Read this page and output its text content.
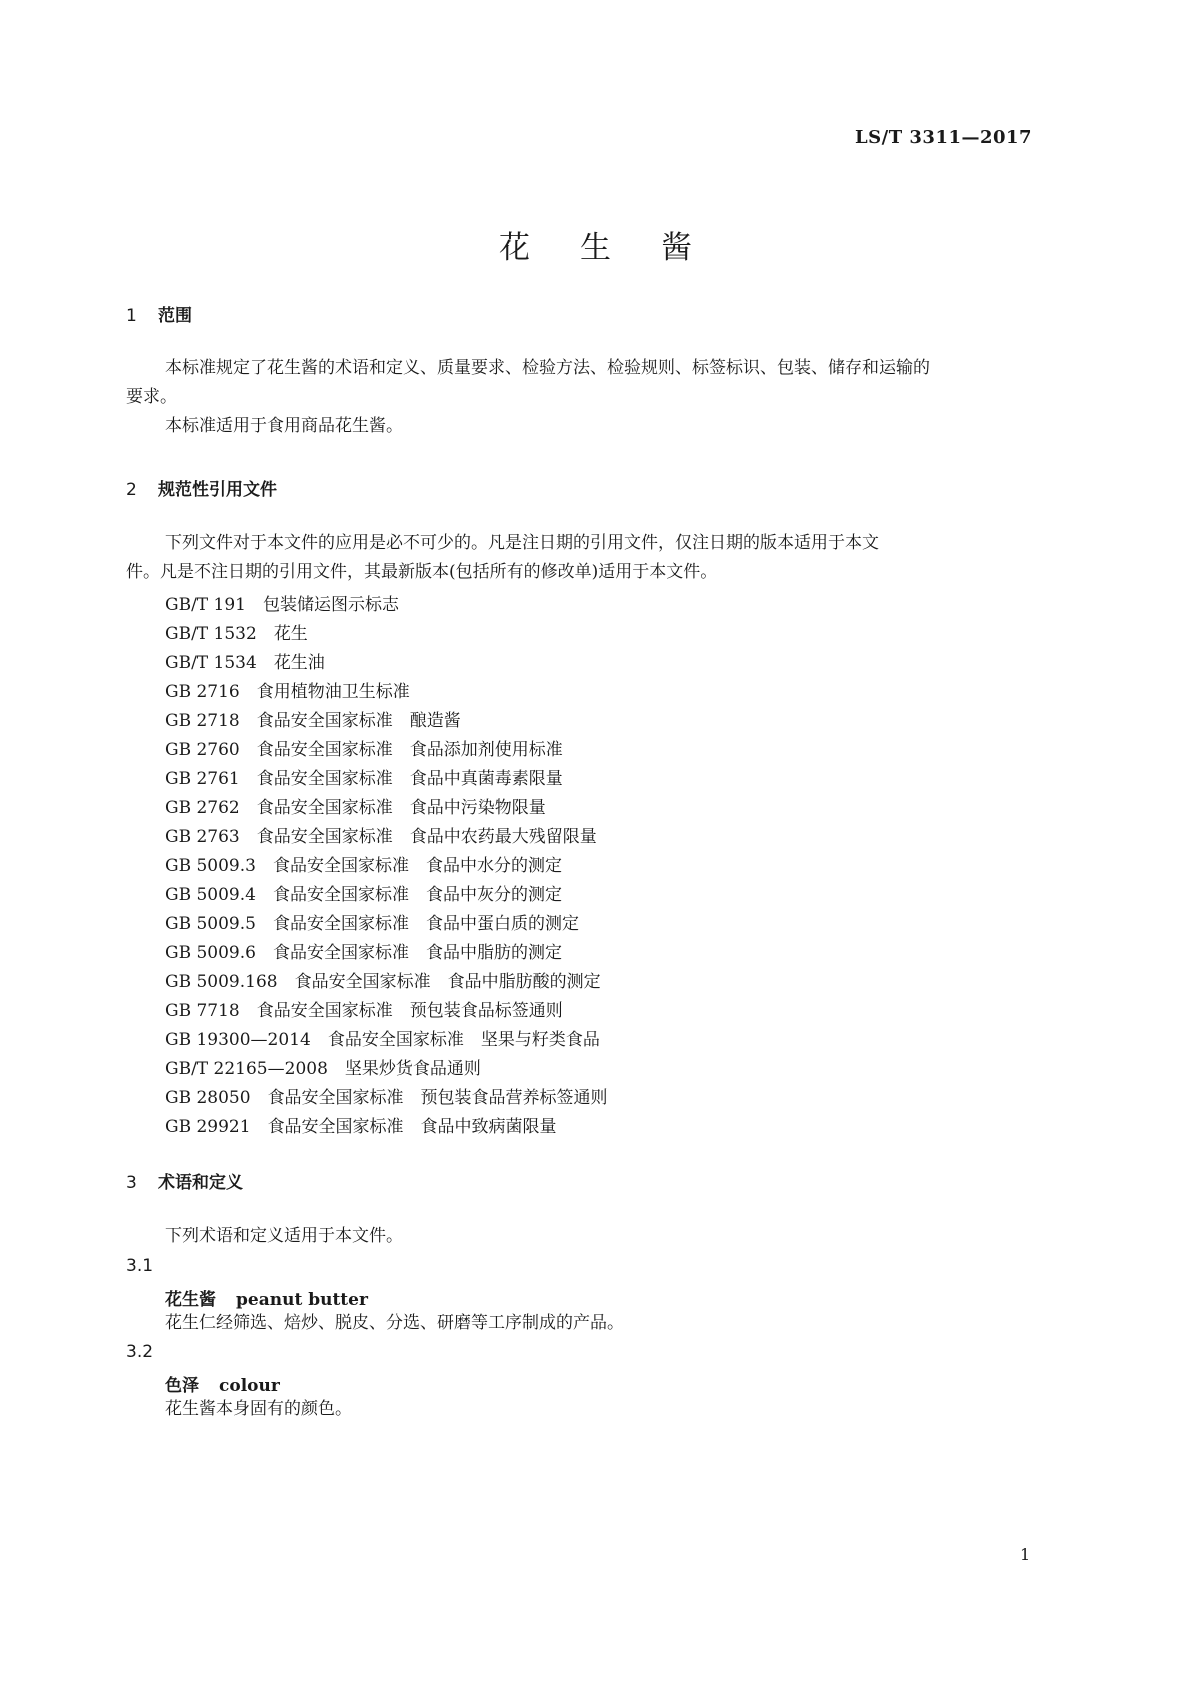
LS/T 3311—2017
花生酱
1 范围
本标准规定了花生酱的术语和定义、质量要求、检验方法、检验规则、标签标识、包装、储存和运输的
要求。
本标准适用于食用商品花生酱。
2 规范性引用文件
下列文件对于本文件的应用是必不可少的。凡是注日期的引用文件，仅注日期的版本适用于本文
件。凡是不注日期的引用文件，其最新版本(包括所有的修改单)适用于本文件。
GB/T 191　 包装储运图示标志
GB/T 1532　 花生
GB/T 1534　 花生油
GB 2716　 食用植物油卫生标准
GB 2718　 食品安全国家标准　酿造酱
GB 2760　 食品安全国家标准　食品添加剂使用标准
GB 2761　 食品安全国家标准　食品中真菌毒素限量
GB 2762　 食品安全国家标准　食品中污染物限量
GB 2763　 食品安全国家标准　食品中农药最大残留限量
GB 5009.3　 食品安全国家标准　食品中水分的测定
GB 5009.4　 食品安全国家标准　食品中灰分的测定
GB 5009.5　 食品安全国家标准　食品中蛋白质的测定
GB 5009.6　 食品安全国家标准　食品中脂肪的测定
GB 5009.168　 食品安全国家标准　食品中脂肪酸的测定
GB 7718　 食品安全国家标准　预包装食品标签通则
GB 19300—2014　 食品安全国家标准　坚果与籽类食品
GB/T 22165—2008　 坚果炒货食品通则
GB 28050　 食品安全国家标准　预包装食品营养标签通则
GB 29921　 食品安全国家标准　食品中致病菌限量
3 术语和定义
下列术语和定义适用于本文件。
3.1
花生酱 peanut butter
花生仁经筛选、焙炒、脱皮、分选、研磨等工序制成的产品。
3.2
色泽 colour
花生酱本身固有的颜色。
1
